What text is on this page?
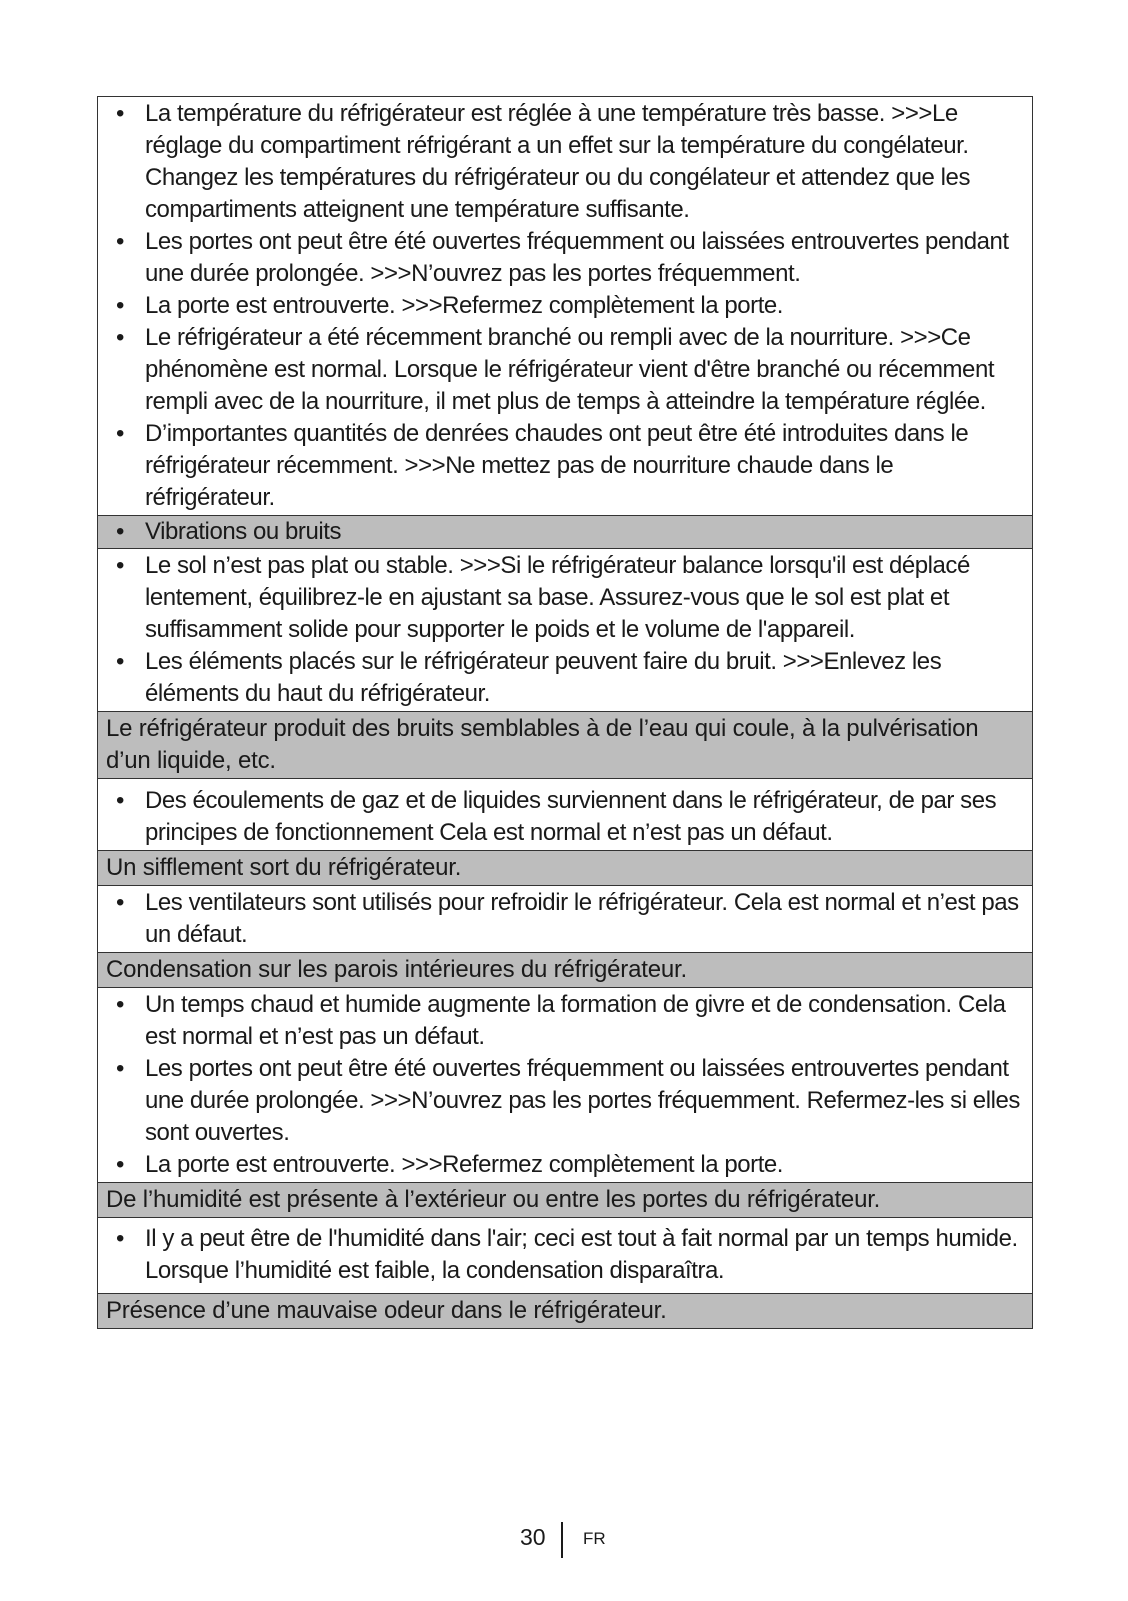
• La température du réfrigérateur est réglée à une température très basse. >>>Le réglage du compartiment réfrigérant a un effet sur la température du congélateur. Changez les températures du réfrigérateur ou du congélateur et attendez que les compartiments atteignent une température suffisante.
• Les portes ont peut être été ouvertes fréquemment ou laissées entrouvertes pendant une durée prolongée. >>>N’ouvrez pas les portes fréquemment.
• La porte est entrouverte. >>>Refermez complètement la porte.
• Le réfrigérateur a été récemment branché ou rempli avec de la nourriture. >>>Ce phénomène est normal. Lorsque le réfrigérateur vient d'être branché ou récemment rempli avec de la nourriture, il met plus de temps à atteindre la température réglée.
• D’importantes quantités de denrées chaudes ont peut être été introduites dans le réfrigérateur récemment. >>>Ne mettez pas de nourriture chaude dans le réfrigérateur.
• Vibrations ou bruits
• Le sol n’est pas plat ou stable. >>>Si le réfrigérateur balance lorsqu'il est déplacé lentement, équilibrez-le en ajustant sa base. Assurez-vous que le sol est plat et suffisamment solide pour supporter le poids et le volume de l'appareil.
• Les éléments placés sur le réfrigérateur peuvent faire du bruit. >>>Enlevez les éléments du haut du réfrigérateur.
Le réfrigérateur produit des bruits semblables à de l’eau qui coule, à la pulvérisation d’un liquide, etc.
• Des écoulements de gaz et de liquides surviennent dans le réfrigérateur, de par ses principes de fonctionnement Cela est normal et n’est pas un défaut.
Un sifflement sort du réfrigérateur.
• Les ventilateurs sont utilisés pour refroidir le réfrigérateur. Cela est normal et n’est pas un défaut.
Condensation sur les parois intérieures du réfrigérateur.
• Un temps chaud et humide augmente la formation de givre et de condensation. Cela est normal et n’est pas un défaut.
• Les portes ont peut être été ouvertes fréquemment ou laissées entrouvertes pendant une durée prolongée. >>>N’ouvrez pas les portes fréquemment. Refermez-les si elles sont ouvertes.
• La porte est entrouverte. >>>Refermez complètement la porte.
De l’humidité est présente à l’extérieur ou entre les portes du réfrigérateur.
• Il y a peut être de l'humidité dans l'air; ceci est tout à fait normal par un temps humide. Lorsque l’humidité est faible, la condensation disparaîtra.
Présence d’une mauvaise odeur dans le réfrigérateur.
30 FR
